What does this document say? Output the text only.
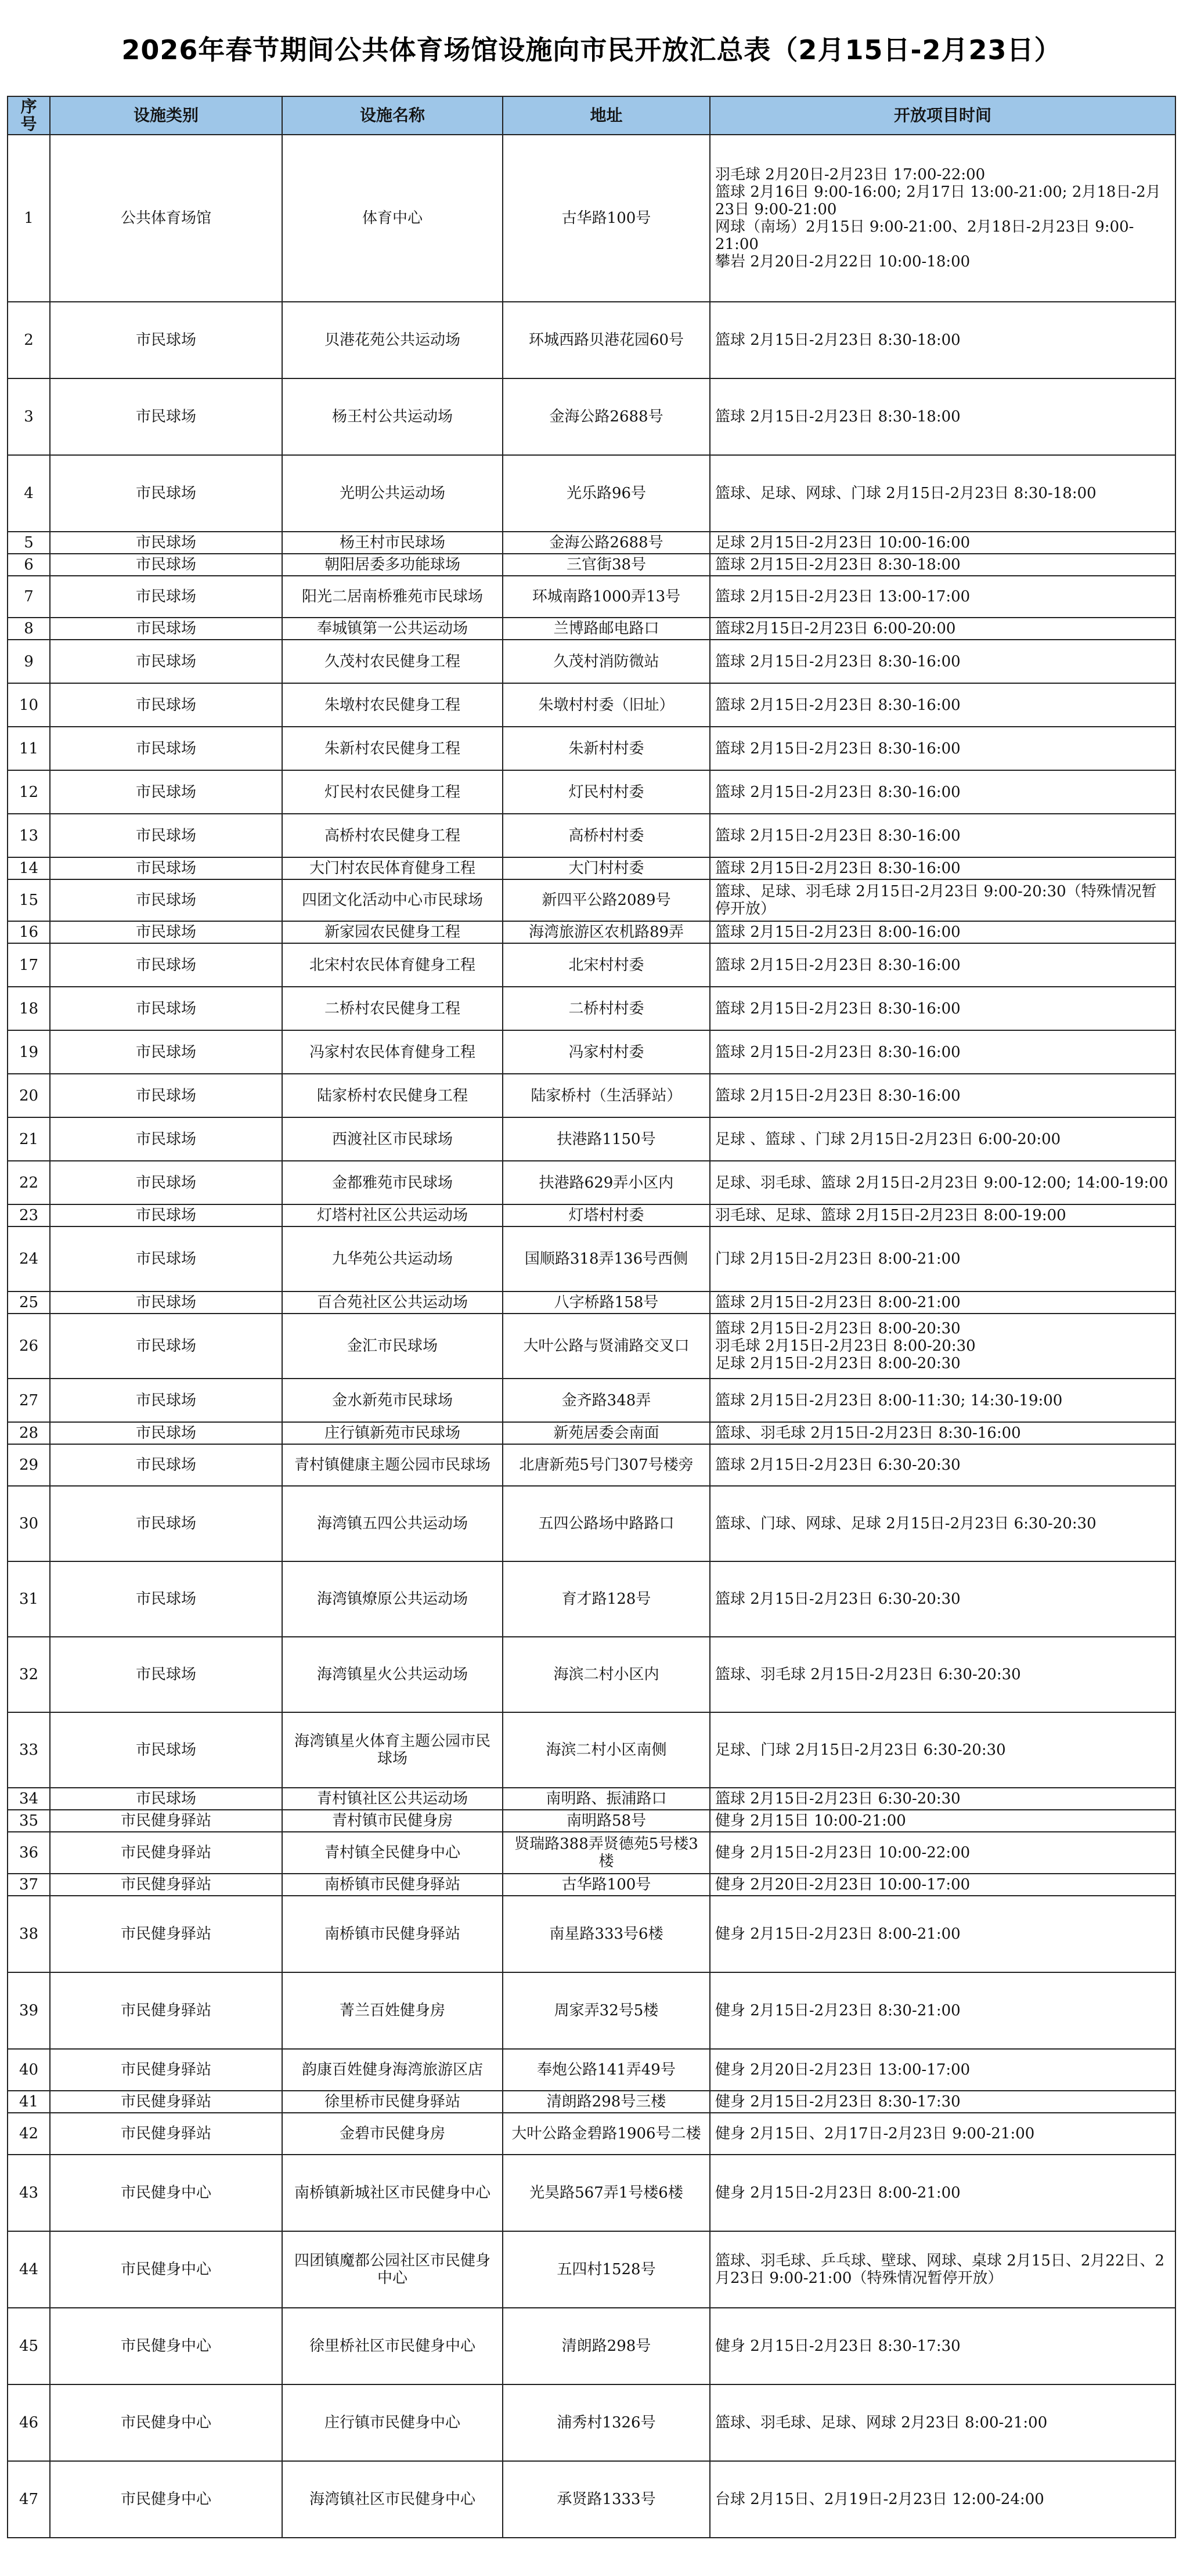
2026年春节期间公共体育场馆设施向市民开放汇总表（2月15日-2月23日）
序号	设施类别	设施名称	地址	开放项目时间
1	公共体育场馆	体育中心	古华路100号	羽毛球 2月20日-2月23日 17:00-22:00
篮球 2月16日 9:00-16:00; 2月17日 13:00-21:00; 2月18日-2月23日 9:00-21:00
网球（南场）2月15日 9:00-21:00、2月18日-2月23日 9:00-21:00
攀岩 2月20日-2月22日 10:00-18:00
2	市民球场	贝港花苑公共运动场	环城西路贝港花园60号	篮球 2月15日-2月23日 8:30-18:00
3	市民球场	杨王村公共运动场	金海公路2688号	篮球 2月15日-2月23日 8:30-18:00
4	市民球场	光明公共运动场	光乐路96号	篮球、足球、网球、门球 2月15日-2月23日 8:30-18:00
5	市民球场	杨王村市民球场	金海公路2688号	足球 2月15日-2月23日 10:00-16:00
6	市民球场	朝阳居委多功能球场	三官街38号	篮球 2月15日-2月23日 8:30-18:00
7	市民球场	阳光二居南桥雅苑市民球场	环城南路1000弄13号	篮球 2月15日-2月23日 13:00-17:00
8	市民球场	奉城镇第一公共运动场	兰博路邮电路口	篮球2月15日-2月23日 6:00-20:00
9	市民球场	久茂村农民健身工程	久茂村消防微站	篮球 2月15日-2月23日 8:30-16:00
10	市民球场	朱墩村农民健身工程	朱墩村村委（旧址）	篮球 2月15日-2月23日 8:30-16:00
11	市民球场	朱新村农民健身工程	朱新村村委	篮球 2月15日-2月23日 8:30-16:00
12	市民球场	灯民村农民健身工程	灯民村村委	篮球 2月15日-2月23日 8:30-16:00
13	市民球场	高桥村农民健身工程	高桥村村委	篮球 2月15日-2月23日 8:30-16:00
14	市民球场	大门村农民体育健身工程	大门村村委	篮球 2月15日-2月23日 8:30-16:00
15	市民球场	四团文化活动中心市民球场	新四平公路2089号	篮球、足球、羽毛球 2月15日-2月23日 9:00-20:30（特殊情况暂停开放）
16	市民球场	新家园农民健身工程	海湾旅游区农机路89弄	篮球 2月15日-2月23日 8:00-16:00
17	市民球场	北宋村农民体育健身工程	北宋村村委	篮球 2月15日-2月23日 8:30-16:00
18	市民球场	二桥村农民健身工程	二桥村村委	篮球 2月15日-2月23日 8:30-16:00
19	市民球场	冯家村农民体育健身工程	冯家村村委	篮球 2月15日-2月23日 8:30-16:00
20	市民球场	陆家桥村农民健身工程	陆家桥村（生活驿站）	篮球 2月15日-2月23日 8:30-16:00
21	市民球场	西渡社区市民球场	扶港路1150号	足球 、篮球 、门球 2月15日-2月23日 6:00-20:00
22	市民球场	金都雅苑市民球场	扶港路629弄小区内	足球、羽毛球、篮球 2月15日-2月23日 9:00-12:00; 14:00-19:00
23	市民球场	灯塔村社区公共运动场	灯塔村村委	羽毛球、足球、篮球 2月15日-2月23日 8:00-19:00
24	市民球场	九华苑公共运动场	国顺路318弄136号西侧	门球 2月15日-2月23日 8:00-21:00
25	市民球场	百合苑社区公共运动场	八字桥路158号	篮球 2月15日-2月23日 8:00-21:00
26	市民球场	金汇市民球场	大叶公路与贤浦路交叉口	篮球 2月15日-2月23日 8:00-20:30
羽毛球 2月15日-2月23日 8:00-20:30
足球 2月15日-2月23日 8:00-20:30
27	市民球场	金水新苑市民球场	金齐路348弄	篮球 2月15日-2月23日 8:00-11:30; 14:30-19:00
28	市民球场	庄行镇新苑市民球场	新苑居委会南面	篮球、羽毛球 2月15日-2月23日 8:30-16:00
29	市民球场	青村镇健康主题公园市民球场	北唐新苑5号门307号楼旁	篮球 2月15日-2月23日 6:30-20:30
30	市民球场	海湾镇五四公共运动场	五四公路场中路路口	篮球、门球、网球、足球 2月15日-2月23日 6:30-20:30
31	市民球场	海湾镇燎原公共运动场	育才路128号	篮球 2月15日-2月23日 6:30-20:30
32	市民球场	海湾镇星火公共运动场	海滨二村小区内	篮球、羽毛球 2月15日-2月23日 6:30-20:30
33	市民球场	海湾镇星火体育主题公园市民球场	海滨二村小区南侧	足球、门球 2月15日-2月23日 6:30-20:30
34	市民球场	青村镇社区公共运动场	南明路、振浦路口	篮球 2月15日-2月23日 6:30-20:30
35	市民健身驿站	青村镇市民健身房	南明路58号	健身 2月15日 10:00-21:00
36	市民健身驿站	青村镇全民健身中心	贤瑞路388弄贤德苑5号楼3楼	健身 2月15日-2月23日 10:00-22:00
37	市民健身驿站	南桥镇市民健身驿站	古华路100号	健身 2月20日-2月23日 10:00-17:00
38	市民健身驿站	南桥镇市民健身驿站	南星路333号6楼	健身 2月15日-2月23日 8:00-21:00
39	市民健身驿站	菁兰百姓健身房	周家弄32号5楼	健身 2月15日-2月23日 8:30-21:00
40	市民健身驿站	韵康百姓健身海湾旅游区店	奉炮公路141弄49号	健身 2月20日-2月23日 13:00-17:00
41	市民健身驿站	徐里桥市民健身驿站	清朗路298号三楼	健身 2月15日-2月23日 8:30-17:30
42	市民健身驿站	金碧市民健身房	大叶公路金碧路1906号二楼	健身 2月15日、2月17日-2月23日 9:00-21:00
43	市民健身中心	南桥镇新城社区市民健身中心	光昊路567弄1号楼6楼	健身 2月15日-2月23日 8:00-21:00
44	市民健身中心	四团镇魔都公园社区市民健身中心	五四村1528号	篮球、羽毛球、乒乓球、壁球、网球、桌球 2月15日、2月22日、2月23日 9:00-21:00（特殊情况暂停开放）
45	市民健身中心	徐里桥社区市民健身中心	清朗路298号	健身 2月15日-2月23日 8:30-17:30
46	市民健身中心	庄行镇市民健身中心	浦秀村1326号	篮球、羽毛球、足球、网球 2月23日 8:00-21:00
47	市民健身中心	海湾镇社区市民健身中心	承贤路1333号	台球 2月15日、2月19日-2月23日 12:00-24:00
